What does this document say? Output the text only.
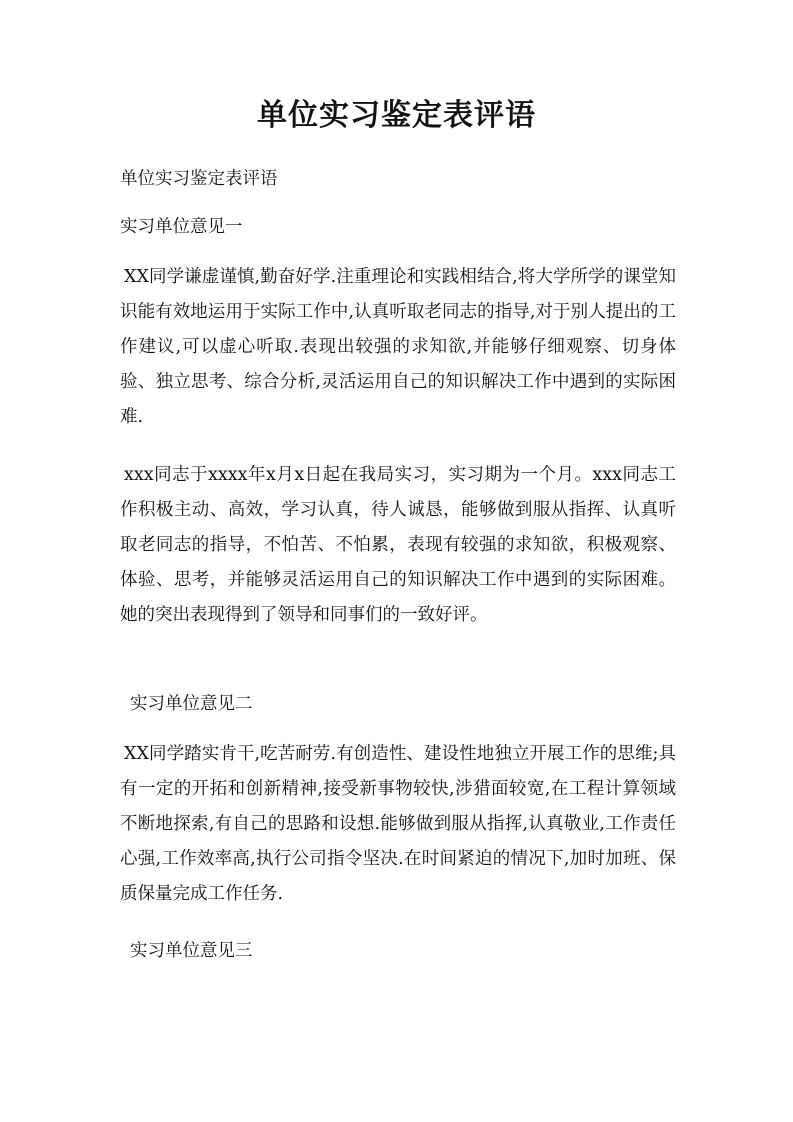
单位实习鉴定表评语

单位实习鉴定表评语

实习单位意见一

XX同学谦虚谨慎,勤奋好学.注重理论和实践相结合,将大学所学的课堂知识能有效地运用于实际工作中,认真听取老同志的指导,对于别人提出的工作建议,可以虚心听取.表现出较强的求知欲,并能够仔细观察、切身体验、独立思考、综合分析,灵活运用自己的知识解决工作中遇到的实际困难.

xxx同志于xxxx年x月x日起在我局实习，实习期为一个月。xxx同志工作积极主动、高效，学习认真，待人诚恳，能够做到服从指挥、认真听取老同志的指导，不怕苦、不怕累，表现有较强的求知欲，积极观察、体验、思考，并能够灵活运用自己的知识解决工作中遇到的实际困难。她的突出表现得到了领导和同事们的一致好评。

实习单位意见二

XX同学踏实肯干,吃苦耐劳.有创造性、建设性地独立开展工作的思维;具有一定的开拓和创新精神,接受新事物较快,涉猎面较宽,在工程计算领域不断地探索,有自己的思路和设想.能够做到服从指挥,认真敬业,工作责任心强,工作效率高,执行公司指令坚决.在时间紧迫的情况下,加时加班、保质保量完成工作任务.

实习单位意见三
